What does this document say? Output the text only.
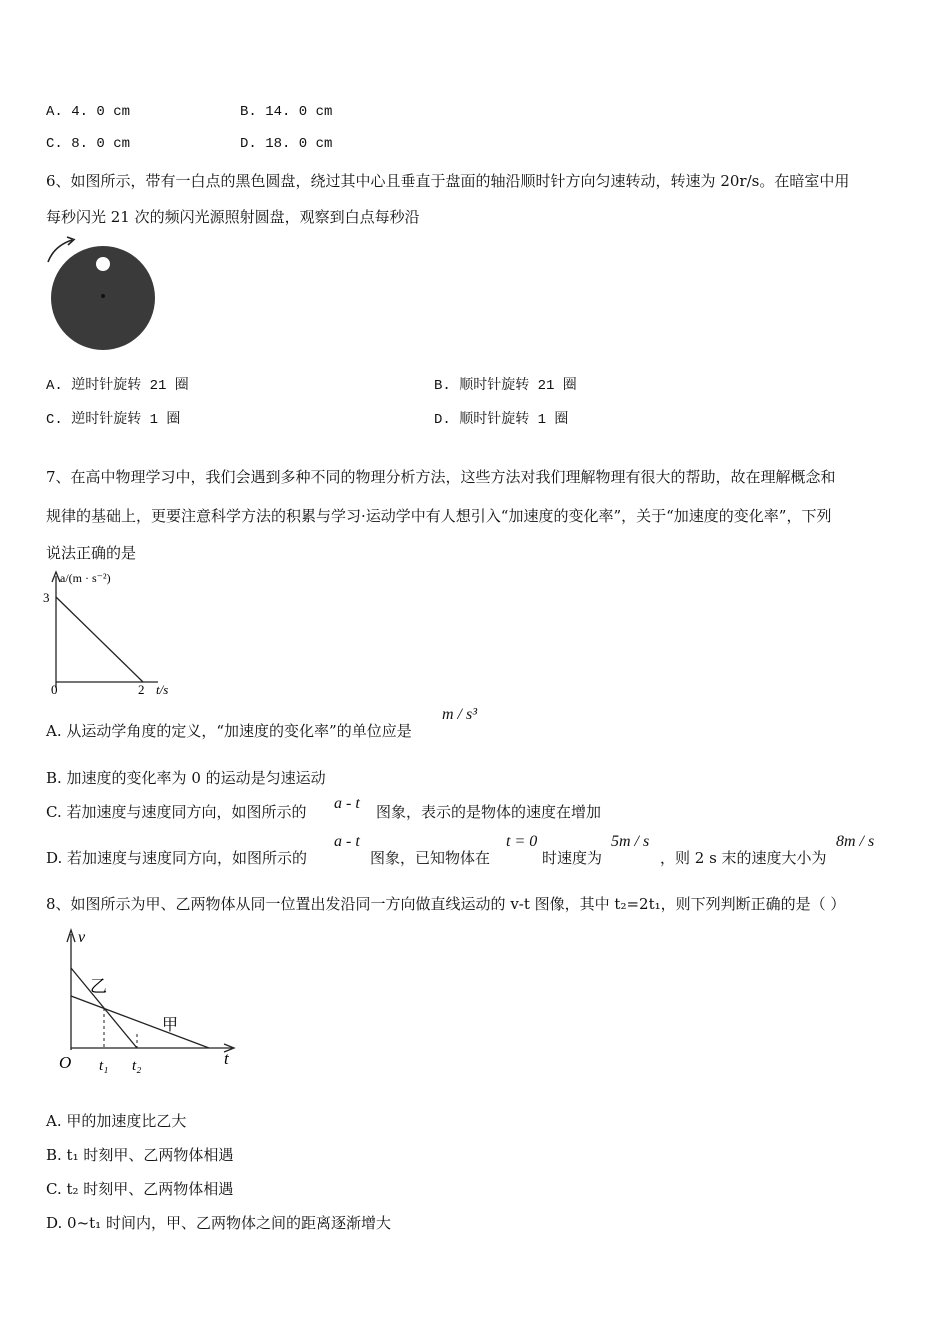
A. 4. 0 cm	B. 14. 0 cm
C. 8. 0 cm	D. 18. 0 cm
6、如图所示，带有一白点的黑色圆盘，绕过其中心且垂直于盘面的轴沿顺时针方向匀速转动，转速为 20r/s。在暗室中用
每秒闪光 21 次的频闪光源照射圆盘，观察到白点每秒沿
A. 逆时针旋转 21 圈	B. 顺时针旋转 21 圈
C. 逆时针旋转 1 圈	D. 顺时针旋转 1 圈
7、在高中物理学习中，我们会遇到多种不同的物理分析方法，这些方法对我们理解物理有很大的帮助，故在理解概念和
规律的基础上，更要注意科学方法的积累与学习·运动学中有人想引入“加速度的变化率”，关于“加速度的变化率”，下列
说法正确的是
a/(m · s⁻²)
3
0	2 t/s
A. 从运动学角度的定义，“加速度的变化率”的单位应是
m / s³
B. 加速度的变化率为 0 的运动是匀速运动
C. 若加速度与速度同方向，如图所示的 a - t 图象，表示的是物体的速度在增加
D. 若加速度与速度同方向，如图所示的
a - t
图象，已知物体在
t = 0
时速度为
5m / s
，则 2 s 末的速度大小为
8m / s
8、如图所示为甲、乙两物体从同一位置出发沿同一方向做直线运动的 v-t 图像，其中 t₂=2t₁，则下列判断正确的是（ ）
v
t
O t₁ t₂
乙
甲
A. 甲的加速度比乙大
B. t₁ 时刻甲、乙两物体相遇
C. t₂ 时刻甲、乙两物体相遇
D. 0~t₁ 时间内，甲、乙两物体之间的距离逐渐增大
